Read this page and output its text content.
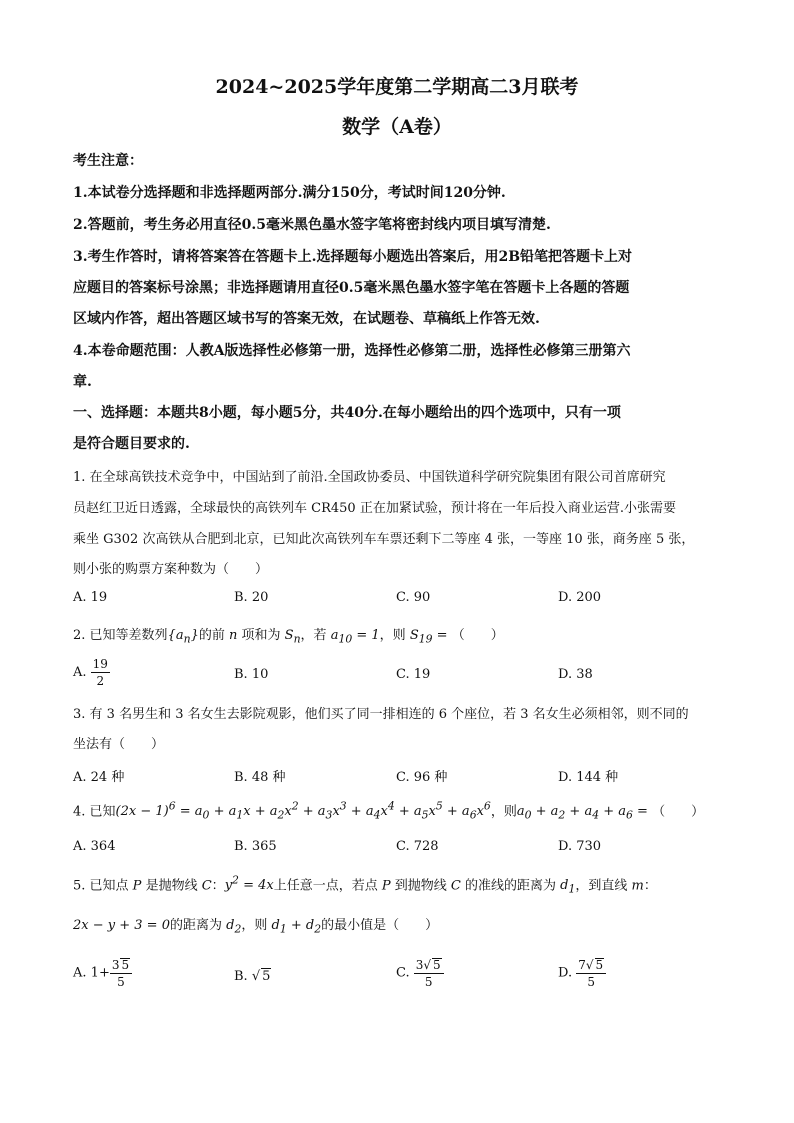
2024~2025学年度第二学期高二3月联考
数学（A卷）
考生注意：
1.本试卷分选择题和非选择题两部分.满分150分，考试时间120分钟.
2.答题前，考生务必用直径0.5毫米黑色墨水签字笔将密封线内项目填写清楚.
3.考生作答时，请将答案答在答题卡上.选择题每小题选出答案后，用2B铅笔把答题卡上对
应题目的答案标号涂黑；非选择题请用直径0.5毫米黑色墨水签字笔在答题卡上各题的答题
区域内作答，超出答题区域书写的答案无效，在试题卷、草稿纸上作答无效.
4.本卷命题范围：人教A版选择性必修第一册，选择性必修第二册，选择性必修第三册第六
章.
一、选择题：本题共8小题，每小题5分，共40分.在每小题给出的四个选项中，只有一项
是符合题目要求的.
1. 在全球高铁技术竞争中，中国站到了前沿.全国政协委员、中国铁道科学研究院集团有限公司首席研究
员赵红卫近日透露，全球最快的高铁列车 CR450 正在加紧试验，预计将在一年后投入商业运营.小张需要
乘坐 G302 次高铁从合肥到北京，已知此次高铁列车车票还剩下二等座 4 张，一等座 10 张，商务座 5 张，
则小张的购票方案种数为（　　）
A. 19	B. 20	C. 90	D. 200
2. 已知等差数列$\{a_n\}$的前 n 项和为 $S_n$，若 $a_{10} = 1$，则 $S_{19}$ = （　　）
A. $\frac{19}{2}$	B. 10	C. 19	D. 38
3. 有 3 名男生和 3 名女生去影院观影，他们买了同一排相连的 6 个座位，若 3 名女生必须相邻，则不同的
坐法有（　　）
A. 24 种	B. 48 种	C. 96 种	D. 144 种
4. 已知$(2x - 1)^6 = a_0 + a_1x + a_2x^2 + a_3x^3 + a_4x^4 + a_5x^5 + a_6x^6$，则$a_0 + a_2 + a_4 + a_6$ = （　　）
A. 364	B. 365	C. 728	D. 730
5. 已知点 P 是抛物线 C：$y^2 = 4x$上任意一点，若点 P 到抛物线 C 的准线的距离为 $d_1$，到直线 m：
2x − y + 3 = 0的距离为 $d_2$，则 $d_1 + d_2$的最小值是（　　）
A. $1+ \frac{3 5}{5}$	B. √ 5	C. $\frac{3√ 5}{5}$	D. $\frac{7√ 5}{5}$
